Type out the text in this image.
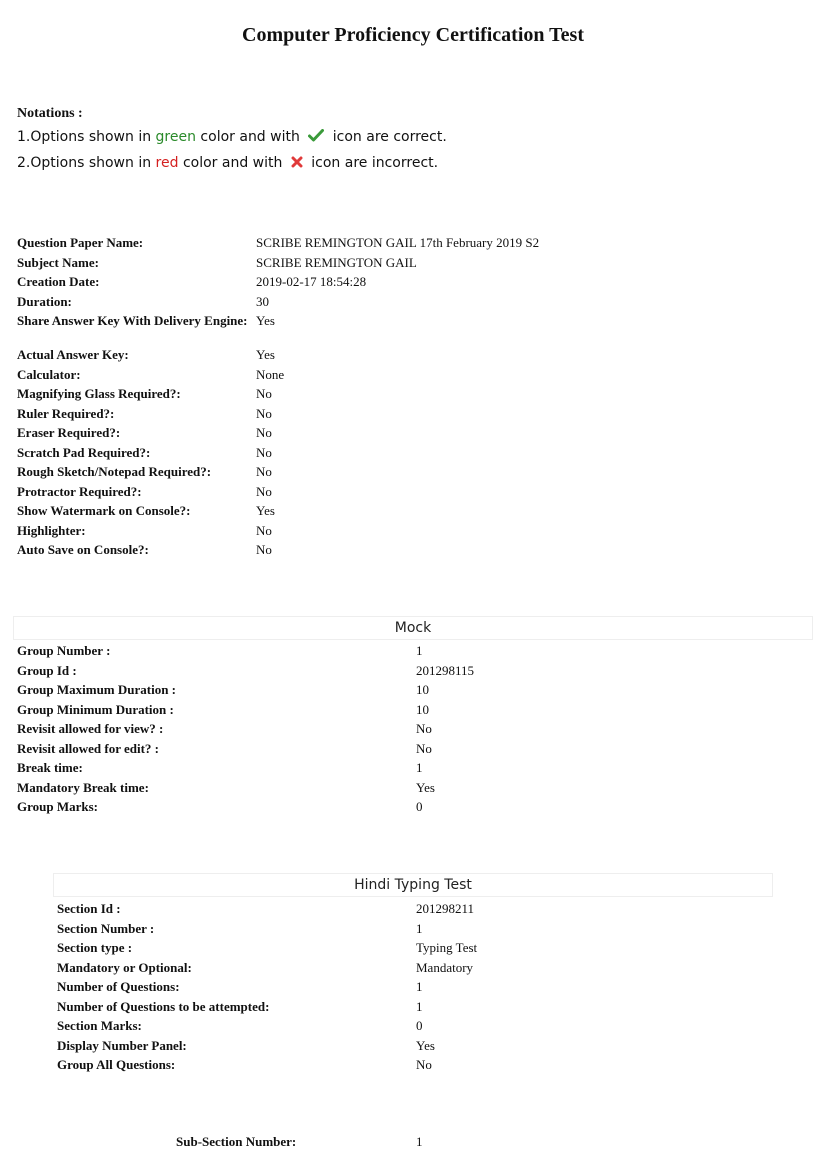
Computer Proficiency Certification Test
Notations :
1.Options shown in green color and with  icon are correct.
2.Options shown in red color and with  icon are incorrect.
Question Paper Name:	SCRIBE REMINGTON GAIL 17th February 2019 S2
Subject Name:	SCRIBE REMINGTON GAIL
Creation Date:	2019-02-17 18:54:28
Duration:	30
Share Answer Key With Delivery Engine:	Yes
Actual Answer Key:	Yes
Calculator:	None
Magnifying Glass Required?:	No
Ruler Required?:	No
Eraser Required?:	No
Scratch Pad Required?:	No
Rough Sketch/Notepad Required?:	No
Protractor Required?:	No
Show Watermark on Console?:	Yes
Highlighter:	No
Auto Save on Console?:	No
Mock
Group Number :	1
Group Id :	201298115
Group Maximum Duration :	10
Group Minimum Duration :	10
Revisit allowed for view? :	No
Revisit allowed for edit? :	No
Break time:	1
Mandatory Break time:	Yes
Group Marks:	0
Hindi Typing Test
Section Id :	201298211
Section Number :	1
Section type :	Typing Test
Mandatory or Optional:	Mandatory
Number of Questions:	1
Number of Questions to be attempted:	1
Section Marks:	0
Display Number Panel:	Yes
Group All Questions:	No
Sub-Section Number:	1
